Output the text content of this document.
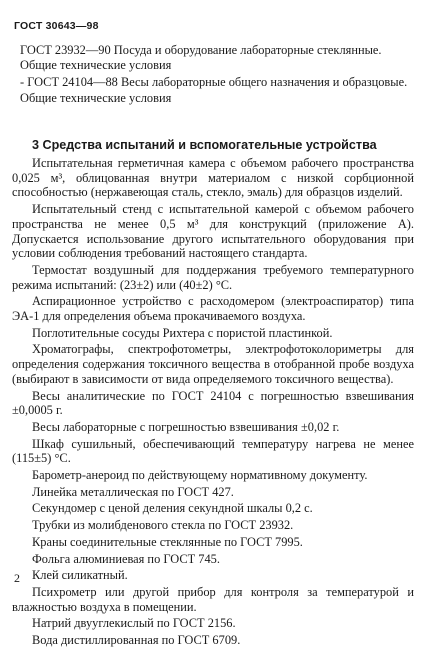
ГОСТ 30643—98

ГОСТ 23932—90 Посуда и оборудование лабораторные стеклянные. Общие технические условия

- ГОСТ 24104—88 Весы лабораторные общего назначения и образцовые. Общие технические условия

3 Средства испытаний и вспомогательные устройства

Испытательная герметичная камера с объемом рабочего пространства 0,025 м³, облицованная внутри материалом с низкой сорбционной способностью (нержавеющая сталь, стекло, эмаль) для образцов изделий.

Испытательный стенд с испытательной камерой с объемом рабочего пространства не менее 0,5 м³ для конструкций (приложение А). Допускается использование другого испытательного оборудования при условии соблюдения требований настоящего стандарта.

Термостат воздушный для поддержания требуемого температурного режима испытаний: (23±2) или (40±2) °С.

Аспирационное устройство с расходомером (электроаспиратор) типа ЭА-1 для определения объема прокачиваемого воздуха.

Поглотительные сосуды Рихтера с пористой пластинкой.

Хроматографы, спектрофотометры, электрофотоколориметры для определения содержания токсичного вещества в отобранной пробе воздуха (выбирают в зависимости от вида определяемого токсичного вещества).

Весы аналитические по ГОСТ 24104 с погрешностью взвешивания ±0,0005 г.

Весы лабораторные с погрешностью взвешивания ±0,02 г.

Шкаф сушильный, обеспечивающий температуру нагрева не менее (115±5) °С.

Барометр-анероид по действующему нормативному документу.

Линейка металлическая по ГОСТ 427.

Секундомер с ценой деления секундной шкалы 0,2 с.

Трубки из молибденового стекла по ГОСТ 23932.

Краны соединительные стеклянные по ГОСТ 7995.

Фольга алюминиевая по ГОСТ 745.

Клей силикатный.

Психрометр или другой прибор для контроля за температурой и влажностью воздуха в помещении.

Натрий двууглекислый по ГОСТ 2156.

Вода дистиллированная по ГОСТ 6709.

2
